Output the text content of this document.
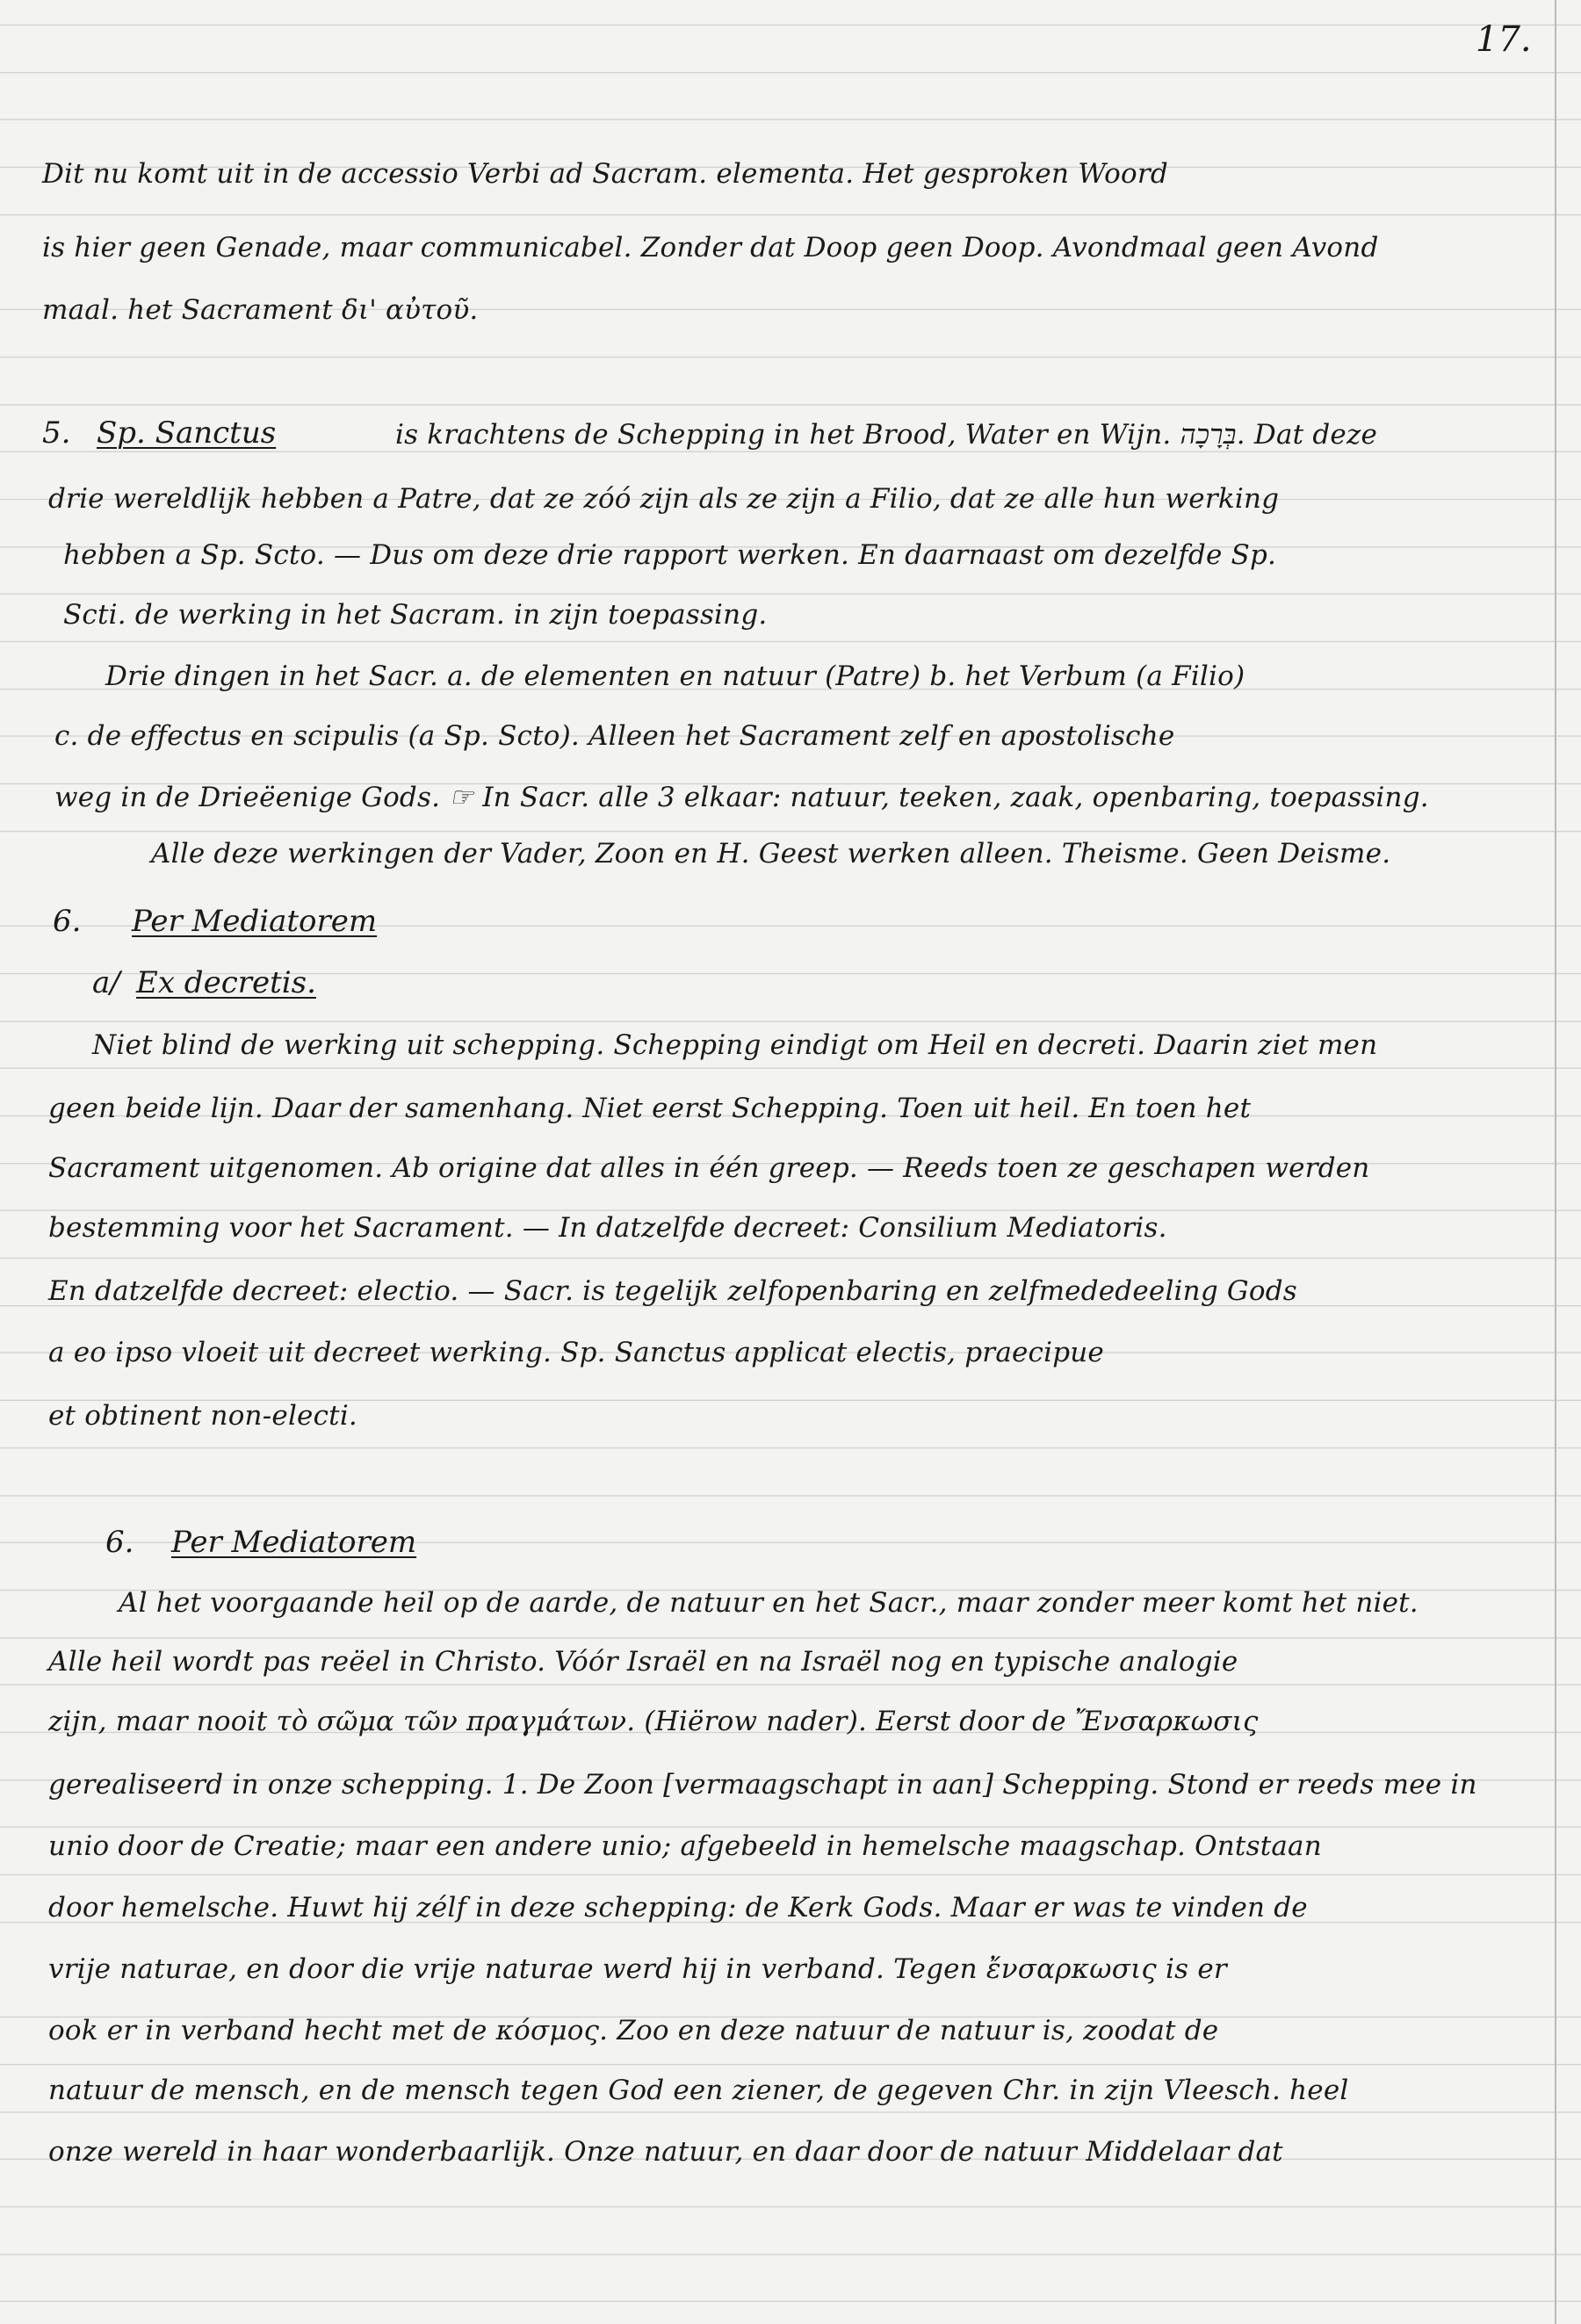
17.
Dit nu komt uit in de accessio Verbi ad Sacram. elementa. Het gesproken Woord
is hier geen Genade, maar communicabel. Zonder dat Doop geen Doop. Avondmaal geen Avond
maal. het Sacrament δι' αὐτοῦ.
5. Sp. Sanctus	is krachtens de Schepping in het Brood, Water en Wijn. בְּרָכָה. Dat deze
drie wereldlijk hebben a Patre, dat ze zóó zijn als ze zijn a Filio, dat ze alle hun werking
hebben a Sp. Scto. — Dus om deze drie rapport werken. En daarnaast om dezelfde Sp.
Scti. de werking in het Sacram. in zijn toepassing.
Drie dingen in het Sacr. a. de elementen en natuur (Patre) b. het Verbum (a Filio)
c. de effectus en scipulis (a Sp. Scto). Alleen het Sacrament zelf en apostolische
weg in de Drieëenige Gods. ☞ In Sacr. alle 3 elkaar: natuur, teeken, zaak, openbaring, toepassing.
Alle deze werkingen der Vader, Zoon en H. Geest werken alleen. Theisme. Geen Deisme.
6. Per Mediatorem
a/ Ex decretis.
Niet blind de werking uit schepping. Schepping eindigt om Heil en decreti. Daarin ziet men
geen beide lijn. Daar der samenhang. Niet eerst Schepping. Toen uit heil. En toen het
Sacrament uitgenomen. Ab origine dat alles in één greep. — Reeds toen ze geschapen werden
bestemming voor het Sacrament. — In datzelfde decreet: Consilium Mediatoris.
En datzelfde decreet: electio. — Sacr. is tegelijk zelfopenbaring en zelfmededeeling Gods
a eo ipso vloeit uit decreet werking. Sp. Sanctus applicat electis, praecipue
et obtinent non-electi.
6. Per Mediatorem
Al het voorgaande heil op de aarde, de natuur en het Sacr., maar zonder meer komt het niet.
Alle heil wordt pas reëel in Christo. Vóór Israël en na Israël nog en typische analogie
zijn, maar nooit τὸ σῶμα τῶν πραγμάτων. (Hiërow nader). Eerst door de Ἔνσαρκωσις
gerealiseerd in onze schepping. 1. De Zoon [vermaagschapt in aan] Schepping. Stond er reeds mee in
unio door de Creatie; maar een andere unio; afgebeeld in hemelsche maagschap. Ontstaan
door hemelsche. Huwt hij zélf in deze schepping: de Kerk Gods. Maar er was te vinden de
vrije naturae, en door die vrije naturae werd hij in verband. Tegen ἔνσαρκωσις is er
ook er in verband hecht met de κόσμος. Zoo en deze natuur de natuur is, zoodat de
natuur de mensch, en de mensch tegen God een ziener, de gegeven Chr. in zijn Vleesch. heel
onze wereld in haar wonderbaarlijk. Onze natuur, en daar door de natuur Middelaar dat
